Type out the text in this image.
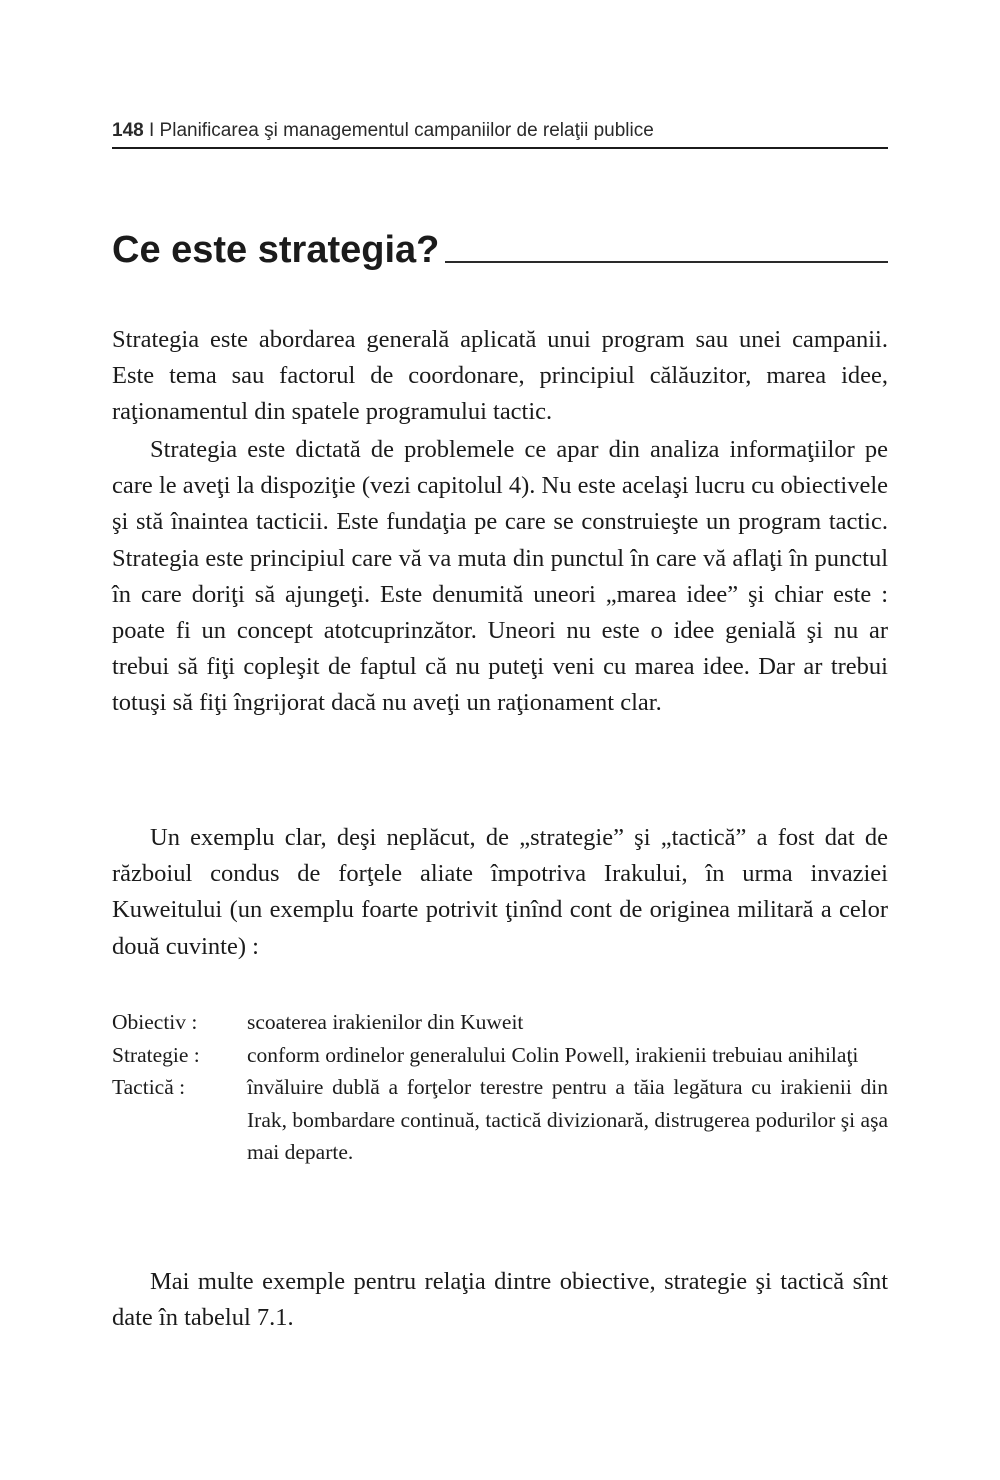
148 I Planificarea şi managementul campaniilor de relaţii publice
Ce este strategia?

Strategia este abordarea generală aplicată unui program sau unei campanii. Este tema sau factorul de coordonare, principiul călăuzitor, marea idee, raţionamentul din spatele programului tactic.

Strategia este dictată de problemele ce apar din analiza informaţiilor pe care le aveţi la dispoziţie (vezi capitolul 4). Nu este acelaşi lucru cu obiectivele şi stă înaintea tacticii. Este fundaţia pe care se construieşte un program tactic. Strategia este principiul care vă va muta din punctul în care vă aflaţi în punctul în care doriţi să ajungeţi. Este denumită uneori „marea idee” şi chiar este : poate fi un concept atotcuprinzător. Uneori nu este o idee genială şi nu ar trebui să fiţi copleşit de faptul că nu puteţi veni cu marea idee. Dar ar trebui totuşi să fiţi îngrijorat dacă nu aveţi un raţionament clar.

Un exemplu clar, deşi neplăcut, de „strategie” şi „tactică” a fost dat de războiul condus de forţele aliate împotriva Irakului, în urma invaziei Kuweitului (un exemplu foarte potrivit ţinînd cont de originea militară a celor două cuvinte) :

Obiectiv :	scoaterea irakienilor din Kuweit
Strategie :	conform ordinelor generalului Colin Powell, irakienii trebuiau anihilaţi
Tactică :	învăluire dublă a forţelor terestre pentru a tăia legătura cu irakienii din Irak, bombardare continuă, tactică divizionară, distrugerea podurilor şi aşa mai departe.

Mai multe exemple pentru relaţia dintre obiective, strategie şi tactică sînt date în tabelul 7.1.
